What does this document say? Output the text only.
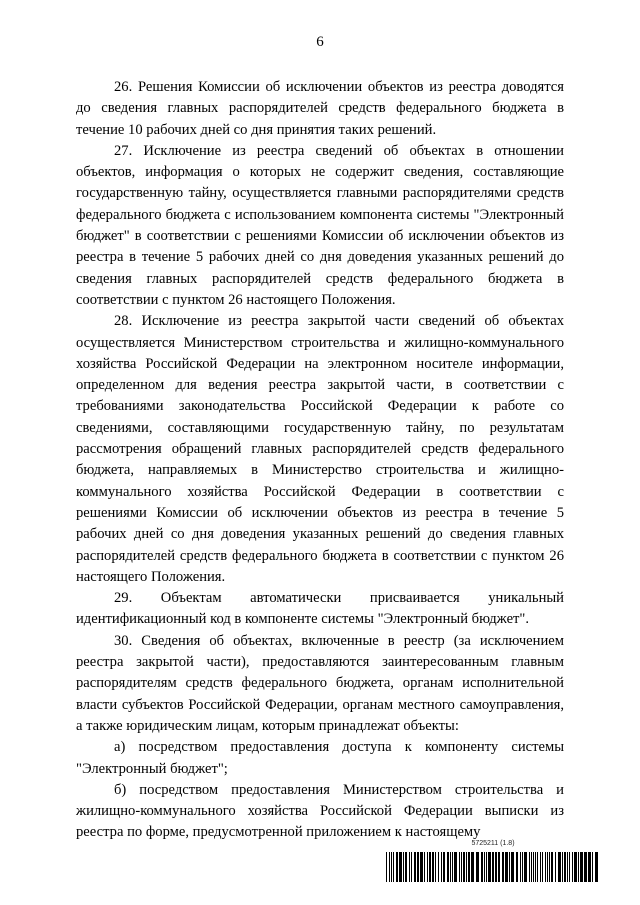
6

26. Решения Комиссии об исключении объектов из реестра доводятся до сведения главных распорядителей средств федерального бюджета в течение 10 рабочих дней со дня принятия таких решений.

27. Исключение из реестра сведений об объектах в отношении объектов, информация о которых не содержит сведения, составляющие государственную тайну, осуществляется главными распорядителями средств федерального бюджета с использованием компонента системы "Электронный бюджет" в соответствии с решениями Комиссии об исключении объектов из реестра в течение 5 рабочих дней со дня доведения указанных решений до сведения главных распорядителей средств федерального бюджета в соответствии с пунктом 26 настоящего Положения.

28. Исключение из реестра закрытой части сведений об объектах осуществляется Министерством строительства и жилищно-коммунального хозяйства Российской Федерации на электронном носителе информации, определенном для ведения реестра закрытой части, в соответствии с требованиями законодательства Российской Федерации к работе со сведениями, составляющими государственную тайну, по результатам рассмотрения обращений главных распорядителей средств федерального бюджета, направляемых в Министерство строительства и жилищно-коммунального хозяйства Российской Федерации в соответствии с решениями Комиссии об исключении объектов из реестра в течение 5 рабочих дней со дня доведения указанных решений до сведения главных распорядителей средств федерального бюджета в соответствии с пунктом 26 настоящего Положения.

29. Объектам автоматически присваивается уникальный идентификационный код в компоненте системы "Электронный бюджет".

30. Сведения об объектах, включенные в реестр (за исключением реестра закрытой части), предоставляются заинтересованным главным распорядителям средств федерального бюджета, органам исполнительной власти субъектов Российской Федерации, органам местного самоуправления, а также юридическим лицам, которым принадлежат объекты:

а) посредством предоставления доступа к компоненту системы "Электронный бюджет";

б) посредством предоставления Министерством строительства и жилищно-коммунального хозяйства Российской Федерации выписки из реестра по форме, предусмотренной приложением к настоящему

5725211 (1.8)
